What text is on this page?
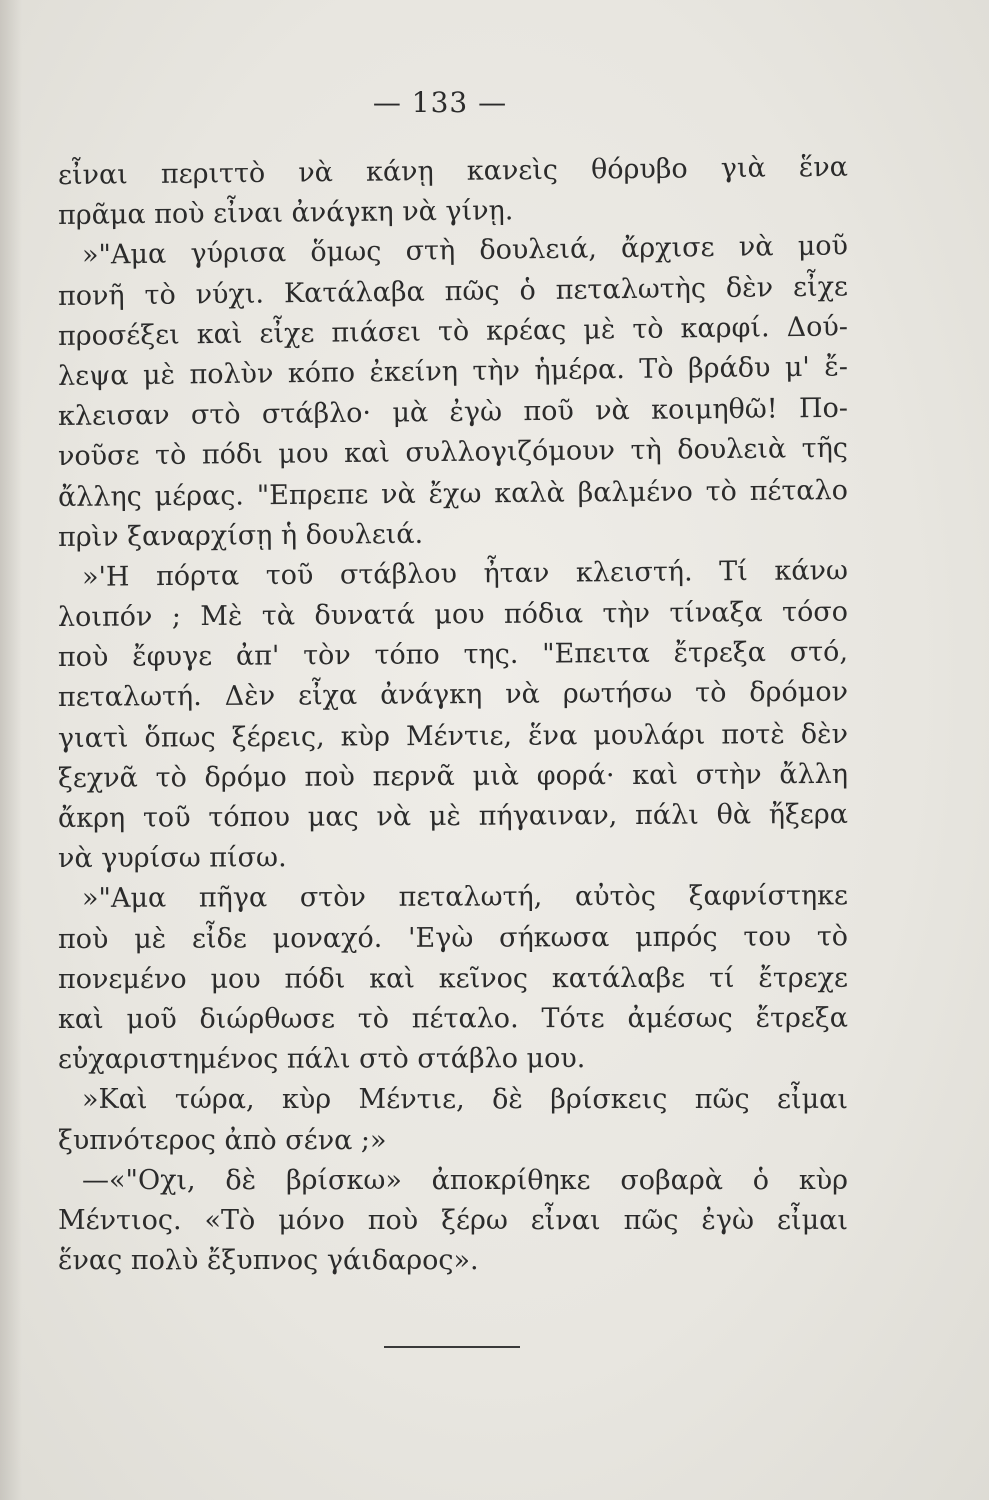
— 133 —
εἶναι περιττὸ νὰ κάνῃ κανεὶς θόρυβο γιὰ ἕνα
πρᾶμα ποὺ εἶναι ἀνάγκη νὰ γίνῃ.
»"Αμα γύρισα ὅμως στὴ δουλειά, ἄρχισε νὰ μοῦ
πονῆ τὸ νύχι. Κατάλαβα πῶς ὁ πεταλωτὴς δὲν εἶχε
προσέξει καὶ εἶχε πιάσει τὸ κρέας μὲ τὸ καρφί. Δού-
λεψα μὲ πολὺν κόπο ἐκείνη τὴν ἡμέρα. Τὸ βράδυ μ' ἔ-
κλεισαν στὸ στάβλο· μὰ ἐγὼ ποῦ νὰ κοιμηθῶ! Πο-
νοῦσε τὸ πόδι μου καὶ συλλογιζόμουν τὴ δουλειὰ τῆς
ἄλλης μέρας. "Επρεπε νὰ ἔχω καλὰ βαλμένο τὸ πέταλο
πρὶν ξαναρχίσῃ ἡ δουλειά.
»'Η πόρτα τοῦ στάβλου ἦταν κλειστή. Τί κάνω
λοιπόν ; Μὲ τὰ δυνατά μου πόδια τὴν τίναξα τόσο
ποὺ ἔφυγε ἀπ' τὸν τόπο της. "Επειτα ἔτρεξα στό,
πεταλωτή. Δὲν εἶχα ἀνάγκη νὰ ρωτήσω τὸ δρόμον
γιατὶ ὅπως ξέρεις, κὺρ Μέντιε, ἕνα μουλάρι ποτὲ δὲν
ξεχνᾶ τὸ δρόμο ποὺ περνᾶ μιὰ φορά· καὶ στὴν ἄλλη
ἄκρη τοῦ τόπου μας νὰ μὲ πήγαιναν, πάλι θὰ ἤξερα
νὰ γυρίσω πίσω.
»"Αμα πῆγα στὸν πεταλωτή, αὐτὸς ξαφνίστηκε
ποὺ μὲ εἶδε μοναχό. 'Εγὼ σήκωσα μπρός του τὸ
πονεμένο μου πόδι καὶ κεῖνος κατάλαβε τί ἔτρεχε
καὶ μοῦ διώρθωσε τὸ πέταλο. Τότε ἀμέσως ἔτρεξα
εὐχαριστημένος πάλι στὸ στάβλο μου.
»Καὶ τώρα, κὺρ Μέντιε, δὲ βρίσκεις πῶς εἶμαι
ξυπνότερος ἀπὸ σένα ;»
—«"Οχι, δὲ βρίσκω» ἀποκρίθηκε σοβαρὰ ὁ κὺρ
Μέντιος. «Τὸ μόνο ποὺ ξέρω εἶναι πῶς ἐγὼ εἶμαι
ἕνας πολὺ ἔξυπνος γάιδαρος».
